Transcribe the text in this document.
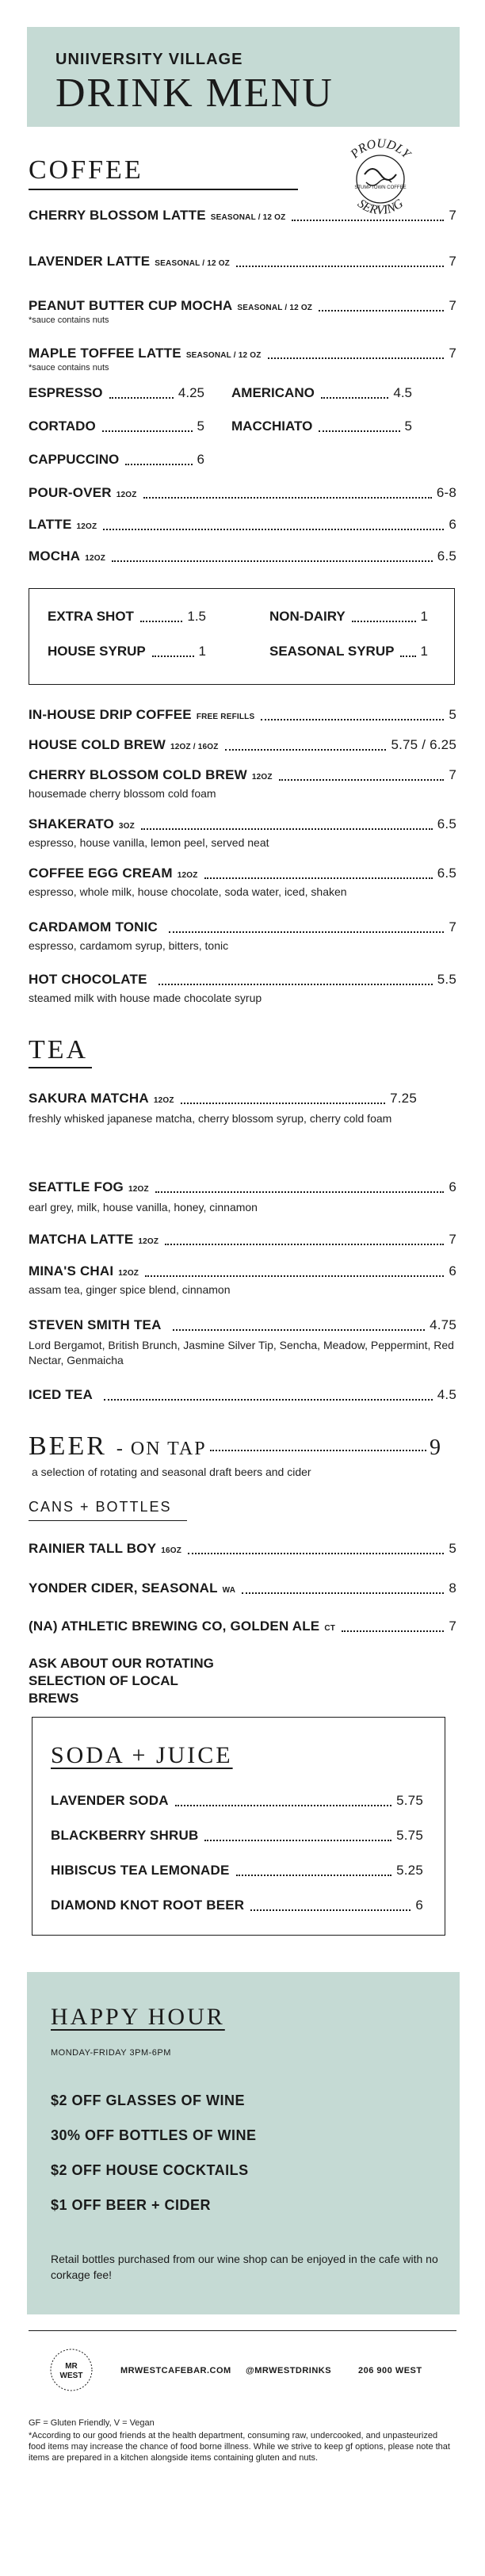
UNIIVERSITY VILLAGE
DRINK MENU
PROUDLY
SERVING
STUMPTOWN COFFEE
COFFEE
CHERRY BLOSSOM LATTE SEASONAL / 12 OZ	7
LAVENDER LATTE SEASONAL / 12 OZ	7
PEANUT BUTTER CUP MOCHA SEASONAL / 12 OZ	7
*sauce contains nuts
MAPLE TOFFEE LATTE SEASONAL / 12 OZ	7
*sauce contains nuts
ESPRESSO	4.25 AMERICANO	4.5
CORTADO	5 MACCHIATO	5
CAPPUCCINO	6
POUR-OVER 12OZ	6-8
LATTE 12OZ	6
MOCHA 12OZ	6.5
EXTRA SHOT	1.5	NON-DAIRY	1
HOUSE SYRUP	1	SEASONAL SYRUP 1
IN-HOUSE DRIP COFFEE FREE REFILLS	5
HOUSE COLD BREW 12OZ / 16OZ	5.75 / 6.25
CHERRY BLOSSOM COLD BREW 12OZ	7
housemade cherry blossom cold foam
SHAKERATO 3OZ	6.5
espresso, house vanilla, lemon peel, served neat
COFFEE EGG CREAM 12OZ	6.5
espresso, whole milk, house chocolate, soda water, iced, shaken
CARDAMOM TONIC	7
espresso, cardamom syrup, bitters, tonic
HOT CHOCOLATE	5.5
steamed milk with house made chocolate syrup
TEA
SAKURA MATCHA 12OZ	7.25
freshly whisked japanese matcha, cherry blossom syrup, cherry cold foam
SEATTLE FOG 12OZ	6
earl grey, milk, house vanilla, honey, cinnamon
MATCHA LATTE 12OZ	7
MINA'S CHAI 12OZ	6
assam tea, ginger spice blend, cinnamon
STEVEN SMITH TEA	4.75
Lord Bergamot, British Brunch, Jasmine Silver Tip, Sencha, Meadow, Peppermint, Red Nectar, Genmaicha
ICED TEA	4.5
BEER - ON TAP	9
a selection of rotating and seasonal draft beers and cider
CANS + BOTTLES
RAINIER TALL BOY 16OZ	5
YONDER CIDER, SEASONAL WA	8
(NA) ATHLETIC BREWING CO, GOLDEN ALE CT	7
ASK ABOUT OUR ROTATING SELECTION OF LOCAL BREWS
SODA + JUICE
LAVENDER SODA	5.75
BLACKBERRY SHRUB	5.75
HIBISCUS TEA LEMONADE	5.25
DIAMOND KNOT ROOT BEER	6
HAPPY HOUR
MONDAY-FRIDAY 3PM-6PM
$2 OFF GLASSES OF WINE
30% OFF BOTTLES OF WINE
$2 OFF HOUSE COCKTAILS
$1 OFF BEER + CIDER
Retail bottles purchased from our wine shop can be enjoyed in the cafe with no corkage fee!
MR
WEST
MRWESTCAFEBAR.COM @MRWESTDRINKS	206 900 WEST
GF = Gluten Friendly, V = Vegan
*According to our good friends at the health department, consuming raw, undercooked, and unpasteurized food items may increase the chance of food borne illness. While we strive to keep gf options, please note that items are prepared in a kitchen alongside items containing gluten and nuts.
